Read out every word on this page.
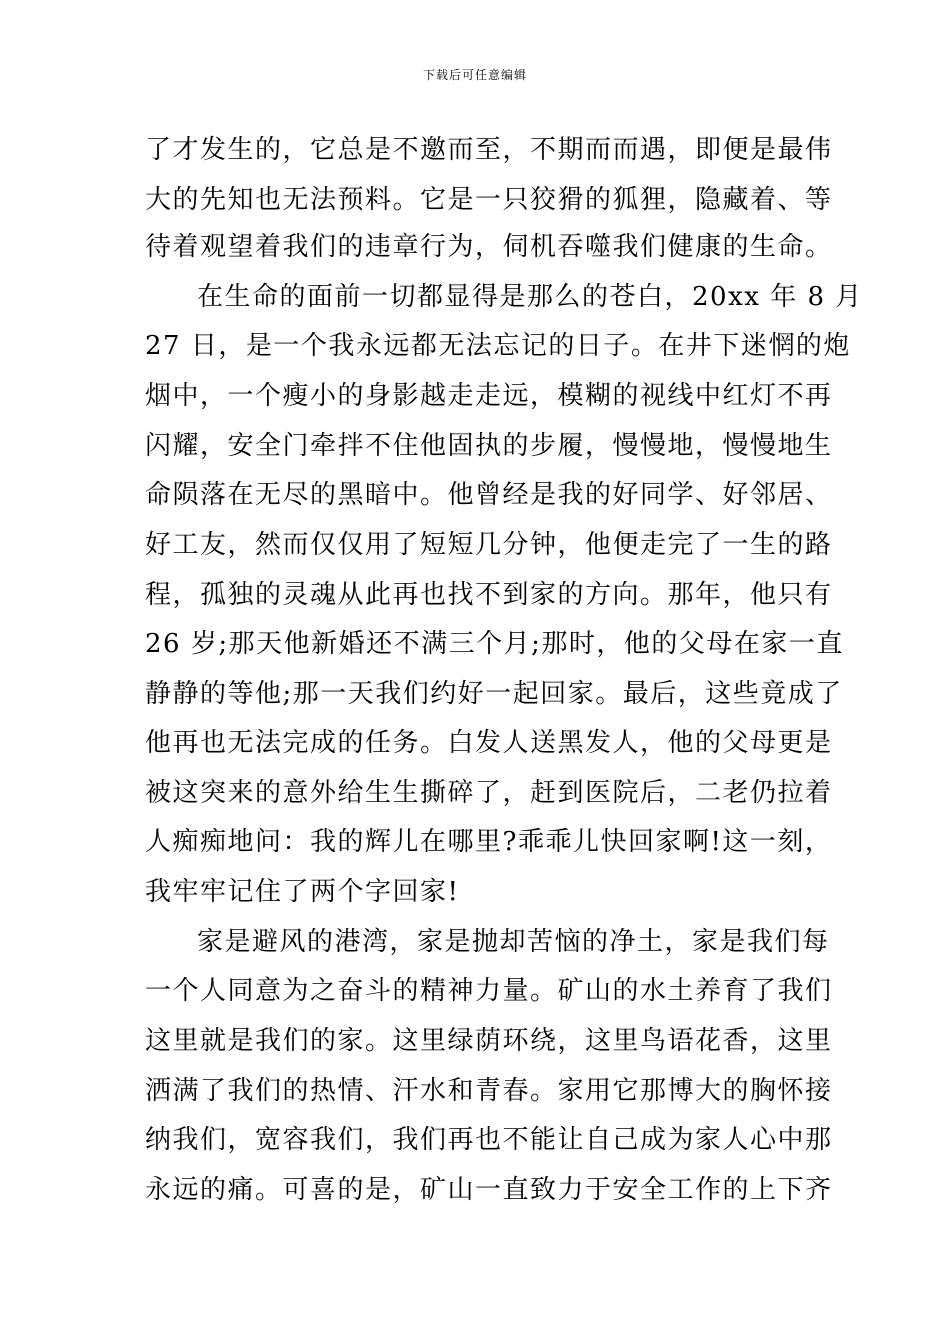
下载后可任意编辑
了才发生的，它总是不邀而至，不期而而遇，即便是最伟
大的先知也无法预料。它是一只狡猾的狐狸，隐藏着、等
待着观望着我们的违章行为，伺机吞噬我们健康的生命。
在生命的面前一切都显得是那么的苍白，20xx 年 8 月
27 日，是一个我永远都无法忘记的日子。在井下迷惘的炮
烟中，一个瘦小的身影越走走远，模糊的视线中红灯不再
闪耀，安全门牵拌不住他固执的步履，慢慢地，慢慢地生
命陨落在无尽的黑暗中。他曾经是我的好同学、好邻居、
好工友，然而仅仅用了短短几分钟，他便走完了一生的路
程，孤独的灵魂从此再也找不到家的方向。那年，他只有
26 岁;那天他新婚还不满三个月;那时，他的父母在家一直
静静的等他;那一天我们约好一起回家。最后，这些竟成了
他再也无法完成的任务。白发人送黑发人，他的父母更是
被这突来的意外给生生撕碎了，赶到医院后，二老仍拉着
人痴痴地问：我的辉儿在哪里?乖乖儿快回家啊!这一刻，
我牢牢记住了两个字回家!
家是避风的港湾，家是抛却苦恼的净土，家是我们每
一个人同意为之奋斗的精神力量。矿山的水土养育了我们
这里就是我们的家。这里绿荫环绕，这里鸟语花香，这里
洒满了我们的热情、汗水和青春。家用它那博大的胸怀接
纳我们，宽容我们，我们再也不能让自己成为家人心中那
永远的痛。可喜的是，矿山一直致力于安全工作的上下齐
